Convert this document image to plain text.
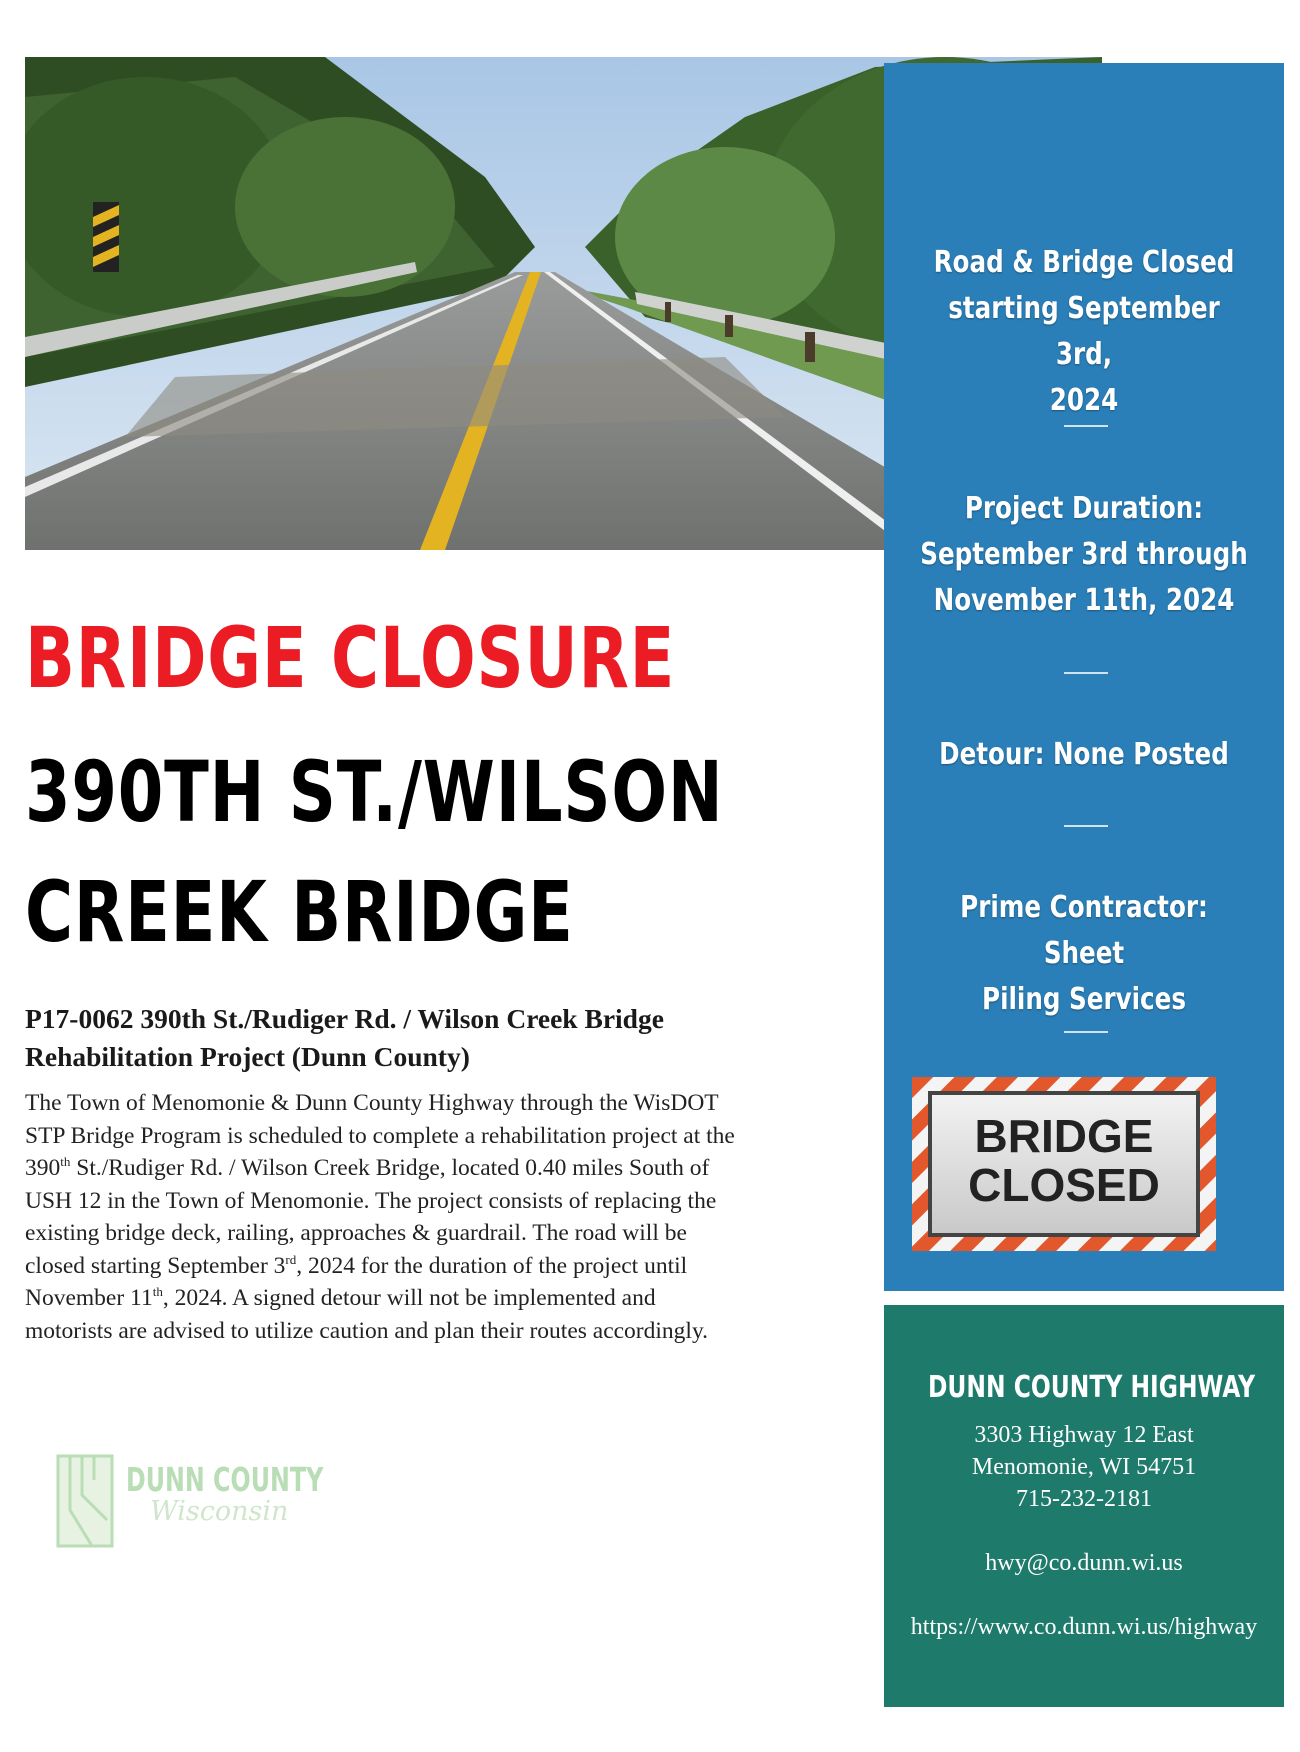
Road & Bridge Closed
starting September 3rd,
2024
Project Duration:
September 3rd through
November 11th, 2024
Detour: None Posted
Prime Contractor: Sheet
Piling Services
BRIDGE
CLOSED
BRIDGE CLOSURE
390TH ST./WILSON
CREEK BRIDGE
P17-0062 390th St./Rudiger Rd. / Wilson Creek Bridge
Rehabilitation Project (Dunn County)
The Town of Menomonie & Dunn County Highway through the WisDOT
STP Bridge Program is scheduled to complete a rehabilitation project at the
390th St./Rudiger Rd. / Wilson Creek Bridge, located 0.40 miles South of
USH 12 in the Town of Menomonie. The project consists of replacing the
existing bridge deck, railing, approaches & guardrail. The road will be
closed starting September 3rd, 2024 for the duration of the project until
November 11th, 2024. A signed detour will not be implemented and
motorists are advised to utilize caution and plan their routes accordingly.
DUNN COUNTY
Wisconsin
DUNN COUNTY HIGHWAY
3303 Highway 12 East
Menomonie, WI 54751
715-232-2181
hwy@co.dunn.wi.us
https://www.co.dunn.wi.us/highway
